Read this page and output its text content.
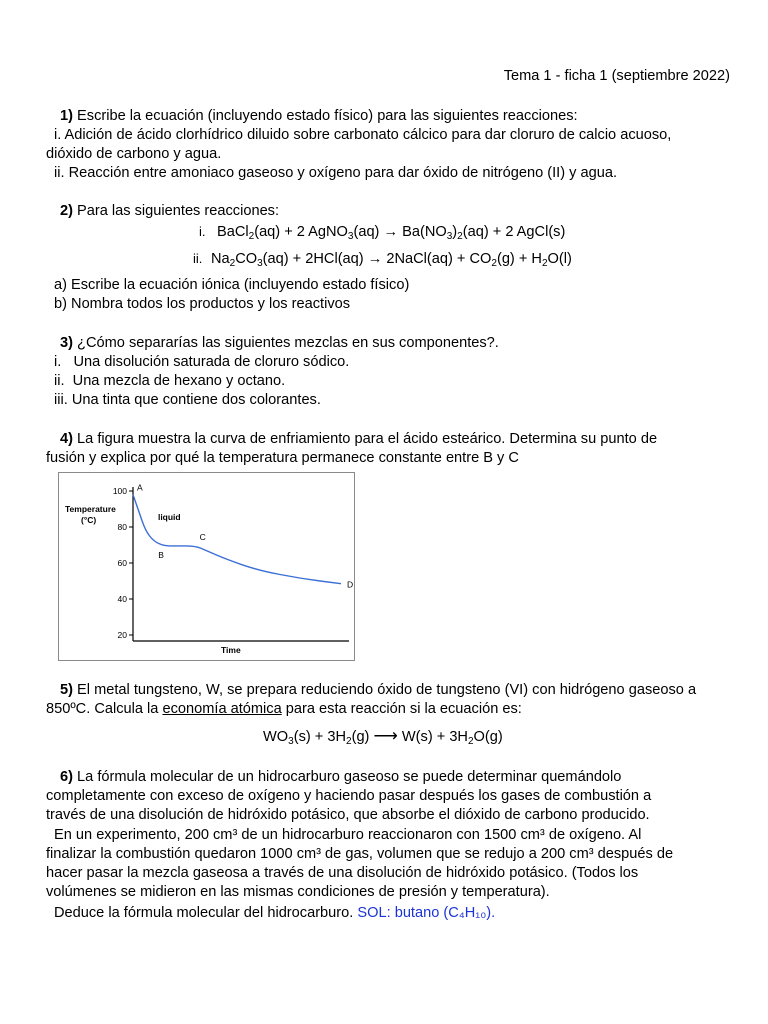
Tema 1 - ficha 1 (septiembre 2022)
1) Escribe la ecuación (incluyendo estado físico) para las siguientes reacciones:
i. Adición de ácido clorhídrico diluido sobre carbonato cálcico para dar cloruro de calcio acuoso,
dióxido de carbono y agua.
ii. Reacción entre amoniaco gaseoso y oxígeno para dar óxido de nitrógeno (II) y agua.
2) Para las siguientes reacciones:
i. BaCl$_2$(aq) + 2 AgNO$_3$(aq) → $Ba(NO_3)_2(aq) + 2$ AgCl(s)
ii. $Na_2CO_3(aq) + 2HCl(aq)$ → 2NaCl(aq) + $CO_2(g) + H_2O(l)$
a) Escribe la ecuación iónica (incluyendo estado físico)
b) Nombra todos los productos y los reactivos
3) ¿Cómo separarías las siguientes mezclas en sus componentes?.
i.   Una disolución saturada de cloruro sódico.
ii.  Una mezcla de hexano y octano.
iii. Una tinta que contiene dos colorantes.
4) La figura muestra la curva de enfriamiento para el ácido esteárico. Determina su punto de
fusión y explica por qué la temperatura permanece constante entre B y C
100
80
60
40
20
Temperature
(°C)
Time
A
liquid
B
C
D
5) El metal tungsteno, W, se prepara reduciendo óxido de tungsteno (VI) con hidrógeno gaseoso a
850ºC. Calcula la economía atómica para esta reacción si la ecuación es:
$WO_3(s) + 3H_2(g)$ ⟶ $W(s) + 3H_2O(g)$
6) La fórmula molecular de un hidrocarburo gaseoso se puede determinar quemándolo
completamente con exceso de oxígeno y haciendo pasar después los gases de combustión a
través de una disolución de hidróxido potásico, que absorbe el dióxido de carbono producido.
En un experimento, 200 cm³ de un hidrocarburo reaccionaron con 1500 cm³ de oxígeno. Al
finalizar la combustión quedaron 1000 cm³ de gas, volumen que se redujo a 200 cm³ después de
hacer pasar la mezcla gaseosa a través de una disolución de hidróxido potásico. (Todos los
volúmenes se midieron en las mismas condiciones de presión y temperatura).
Deduce la fórmula molecular del hidrocarburo. SOL: butano (C₄H₁₀).
